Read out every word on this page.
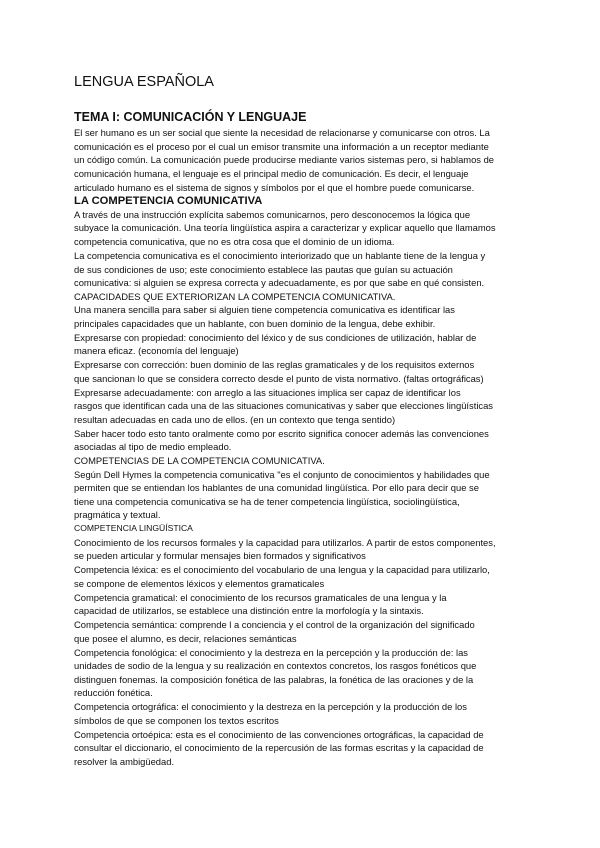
LENGUA ESPAÑOLA
TEMA I: COMUNICACIÓN Y LENGUAJE
El ser humano es un ser social que siente la necesidad de relacionarse y comunicarse con otros. La
comunicación es el proceso por el cual un emisor transmite una información a un receptor mediante
un código común. La comunicación puede producirse mediante varios sistemas pero, si hablamos de
comunicación humana, el lenguaje es el principal medio de comunicación. Es decir, el lenguaje
articulado humano es el sistema de signos y símbolos por el que el hombre puede comunicarse.
LA COMPETENCIA COMUNICATIVA
A través de una instrucción explícita sabemos comunicarnos, pero desconocemos la lógica que
subyace la comunicación. Una teoría lingüística aspira a caracterizar y explicar aquello que llamamos
competencia comunicativa, que no es otra cosa que el dominio de un idioma.
La competencia comunicativa es el conocimiento interiorizado que un hablante tiene de la lengua y
de sus condiciones de uso; este conocimiento establece las pautas que guían su actuación
comunicativa: si alguien se expresa correcta y adecuadamente, es por que sabe en qué consisten.
CAPACIDADES QUE EXTERIORIZAN LA COMPETENCIA COMUNICATIVA.
Una manera sencilla para saber si alguien tiene competencia comunicativa es identificar las
principales capacidades que un hablante, con buen dominio de la lengua, debe exhibir.
Expresarse con propiedad: conocimiento del léxico y de sus condiciones de utilización, hablar de
manera eficaz. (economía del lenguaje)
Expresarse con corrección: buen dominio de las reglas gramaticales y de los requisitos externos
que sancionan lo que se considera correcto desde el punto de vista normativo. (faltas ortográficas)
Expresarse adecuadamente: con arreglo a las situaciones implica ser capaz de identificar los
rasgos que identifican cada una de las situaciones comunicativas y saber que elecciones lingüísticas
resultan adecuadas en cada uno de ellos. (en un contexto que tenga sentido)
Saber hacer todo esto tanto oralmente como por escrito significa conocer además las convenciones
asociadas al tipo de medio empleado.
COMPETENCIAS DE LA COMPETENCIA COMUNICATIVA.
Según Dell Hymes la competencia comunicativa "es el conjunto de conocimientos y habilidades que
permiten que se entiendan los hablantes de una comunidad lingüística. Por ello para decir que se
tiene una competencia comunicativa se ha de tener competencia lingüística, sociolingüística,
pragmática y textual.
COMPETENCIA LINGÜÍSTICA
Conocimiento de los recursos formales y la capacidad para utilizarlos. A partir de estos componentes,
se pueden articular y formular mensajes bien formados y significativos
Competencia léxica: es el conocimiento del vocabulario de una lengua y la capacidad para utilizarlo,
se compone de elementos léxicos y elementos gramaticales
Competencia gramatical: el conocimiento de los recursos gramaticales de una lengua y la
capacidad de utilizarlos, se establece una distinción entre la morfología y la sintaxis.
Competencia semántica: comprende l a conciencia y el control de la organización del significado
que posee el alumno, es decir, relaciones semánticas
Competencia fonológica: el conocimiento y la destreza en la percepción y la producción de: las
unidades de sodio de la lengua y su realización en contextos concretos, los rasgos fonéticos que
distinguen fonemas. la composición fonética de las palabras, la fonética de las oraciones y de la
reducción fonética.
Competencia ortográfica: el conocimiento y la destreza en la percepción y la producción de los
símbolos de que se componen los textos escritos
Competencia ortoépica: esta es el conocimiento de las convenciones ortográficas, la capacidad de
consultar el diccionario, el conocimiento de la repercusión de las formas escritas y la capacidad de
resolver la ambigüedad.
